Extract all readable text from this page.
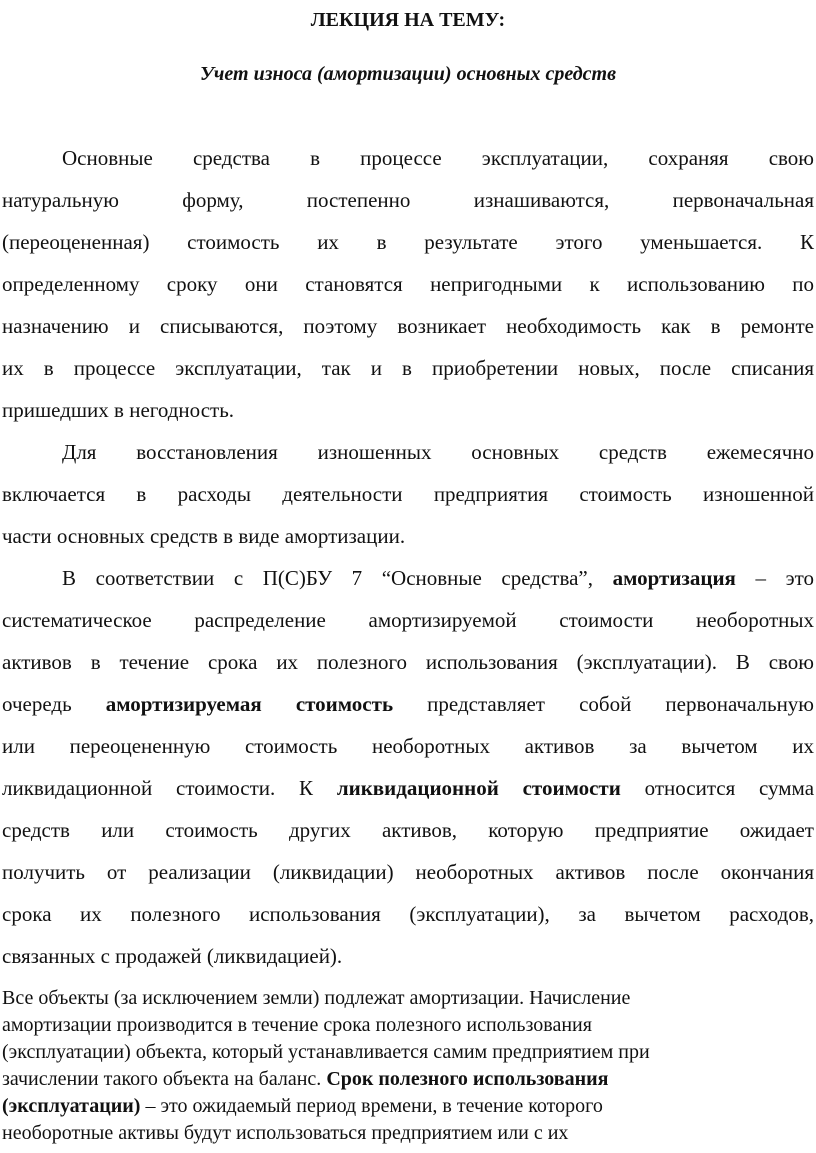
ЛЕКЦИЯ НА ТЕМУ:
Учет износа (амортизации) основных средств
Основные средства в процессе эксплуатации, сохраняя свою
натуральную форму, постепенно изнашиваются, первоначальная
(переоцененная) стоимость их в результате этого уменьшается. К
определенному сроку они становятся непригодными к использованию по
назначению и списываются, поэтому возникает необходимость как в ремонте
их в процессе эксплуатации, так и в приобретении новых, после списания
пришедших в негодность.
Для восстановления изношенных основных средств ежемесячно
включается в расходы деятельности предприятия стоимость изношенной
части основных средств в виде амортизации.
В соответствии с П(С)БУ 7 “Основные средства”, амортизация – это
систематическое распределение амортизируемой стоимости необоротных
активов в течение срока их полезного использования (эксплуатации). В свою
очередь амортизируемая стоимость представляет собой первоначальную
или переоцененную стоимость необоротных активов за вычетом их
ликвидационной стоимости. К ликвидационной стоимости относится сумма
средств или стоимость других активов, которую предприятие ожидает
получить от реализации (ликвидации) необоротных активов после окончания
срока их полезного использования (эксплуатации), за вычетом расходов,
связанных с продажей (ликвидацией).
Все объекты (за исключением земли) подлежат амортизации. Начисление
амортизации производится в течение срока полезного использования
(эксплуатации) объекта, который устанавливается самим предприятием при
зачислении такого объекта на баланс. Срок полезного использования
(эксплуатации) – это ожидаемый период времени, в течение которого
необоротные активы будут использоваться предприятием или с их
